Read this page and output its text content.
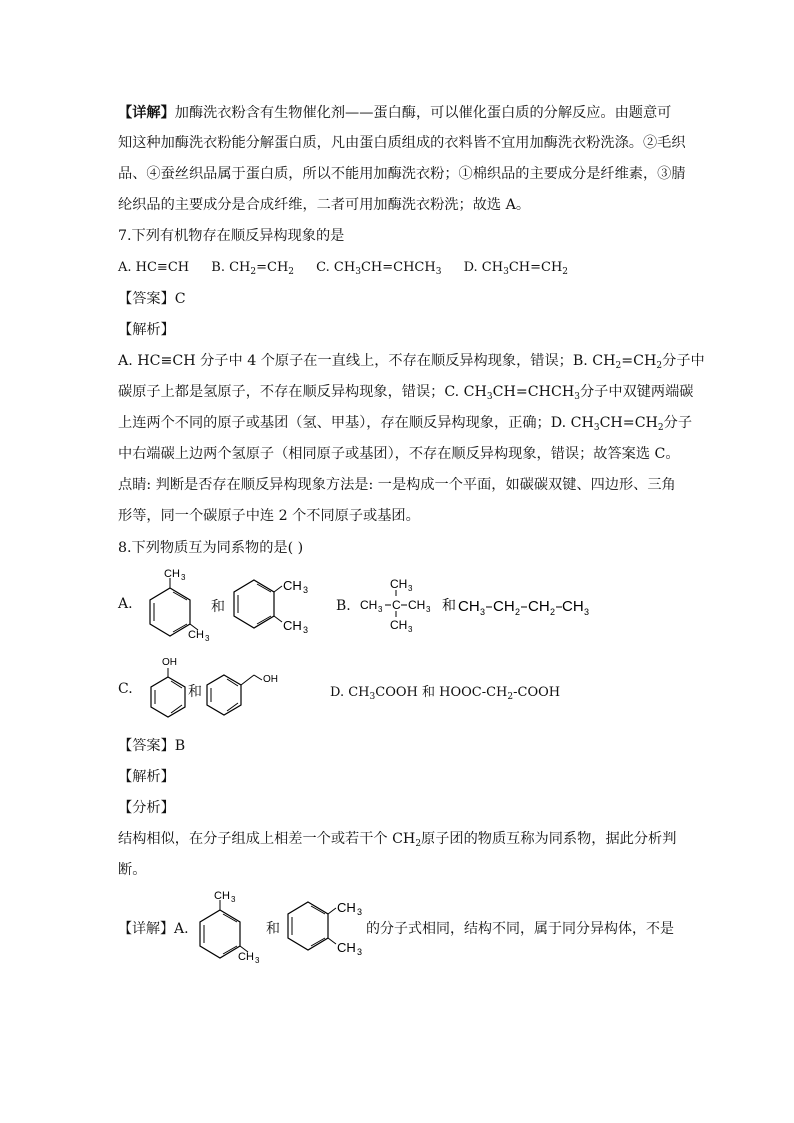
【详解】加酶洗衣粉含有生物催化剂——蛋白酶，可以催化蛋白质的分解反应。由题意可
知这种加酶洗衣粉能分解蛋白质，凡由蛋白质组成的衣料皆不宜用加酶洗衣粉洗涤。②毛织
品、④蚕丝织品属于蛋白质，所以不能用加酶洗衣粉；①棉织品的主要成分是纤维素，③腈
纶织品的主要成分是合成纤维，二者可用加酶洗衣粉洗；故选 A。
7.下列有机物存在顺反异构现象的是
A. HC≡CH B. $CH_2=CH_2$ C. $CH_3CH=CHCH_3$ D. $CH_3CH=CH_2$
【答案】C
【解析】
A. HC≡CH 分子中 4 个原子在一直线上，不存在顺反异构现象，错误；B. $CH_2=CH_2$分子中
碳原子上都是氢原子，不存在顺反异构现象，错误；C. $CH_3CH=CHCH_3$分子中双键两端碳
上连两个不同的原子或基团（氢、甲基），存在顺反异构现象，正确；D. $CH_3CH=CH_2$分子
中右端碳上边两个氢原子（相同原子或基团），不存在顺反异构现象，错误；故答案选 C。
点睛: 判断是否存在顺反异构现象方法是: 一是构成一个平面，如碳碳双键、四边形、三角
形等，同一个碳原子中连 2 个不同原子或基团。
8.下列物质互为同系物的是( )
A.
CH 3
CH 3
和
CH 3
CH 3
B. CH 3 C CH 3
CH 3
CH 3
和 CH 3 CH 2 CH 2 CH 3
C.
OH
和
OH
D. $CH_3COOH$ 和 HOOC-$CH_2$-COOH
【答案】B
【解析】
【分析】
结构相似，在分子组成上相差一个或若干个 $CH_2$原子团的物质互称为同系物，据此分析判
断。
【详解】A.
CH 3
CH 3
和
CH 3
CH 3
的分子式相同，结构不同，属于同分异构体，不是
